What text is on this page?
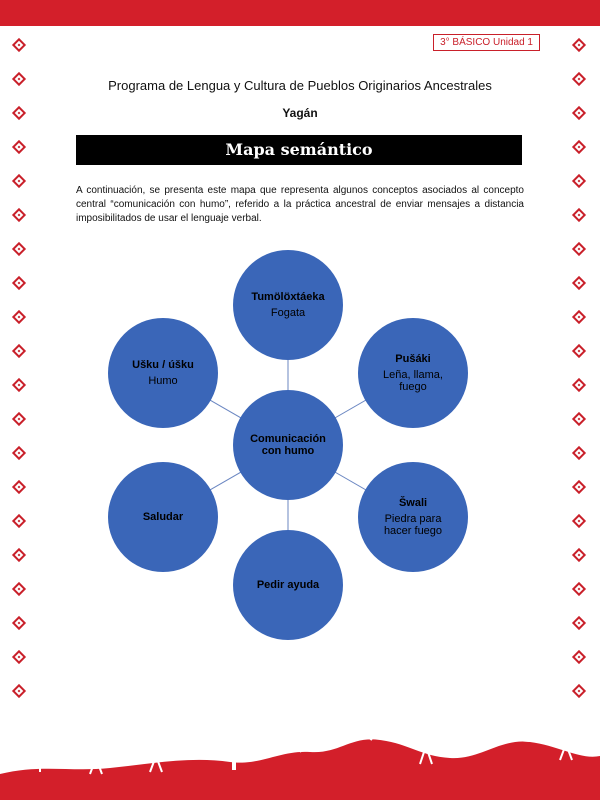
3° BÁSICO Unidad 1
Programa de Lengua y Cultura de Pueblos Originarios Ancestrales
Yagán
Mapa semántico
A continuación, se presenta este mapa que representa algunos conceptos asociados al concepto central “comunicación con humo”, referido a la práctica ancestral de enviar mensajes a distancia imposibilitados de usar el lenguaje verbal.
Comunicación con humo
Tumölöxtáeka
Fogata
Pušáki
Leña, llama, fuego
Šwali
Piedra para hacer fuego
Pedir ayuda
Saludar
Ušku / úšku
Humo
